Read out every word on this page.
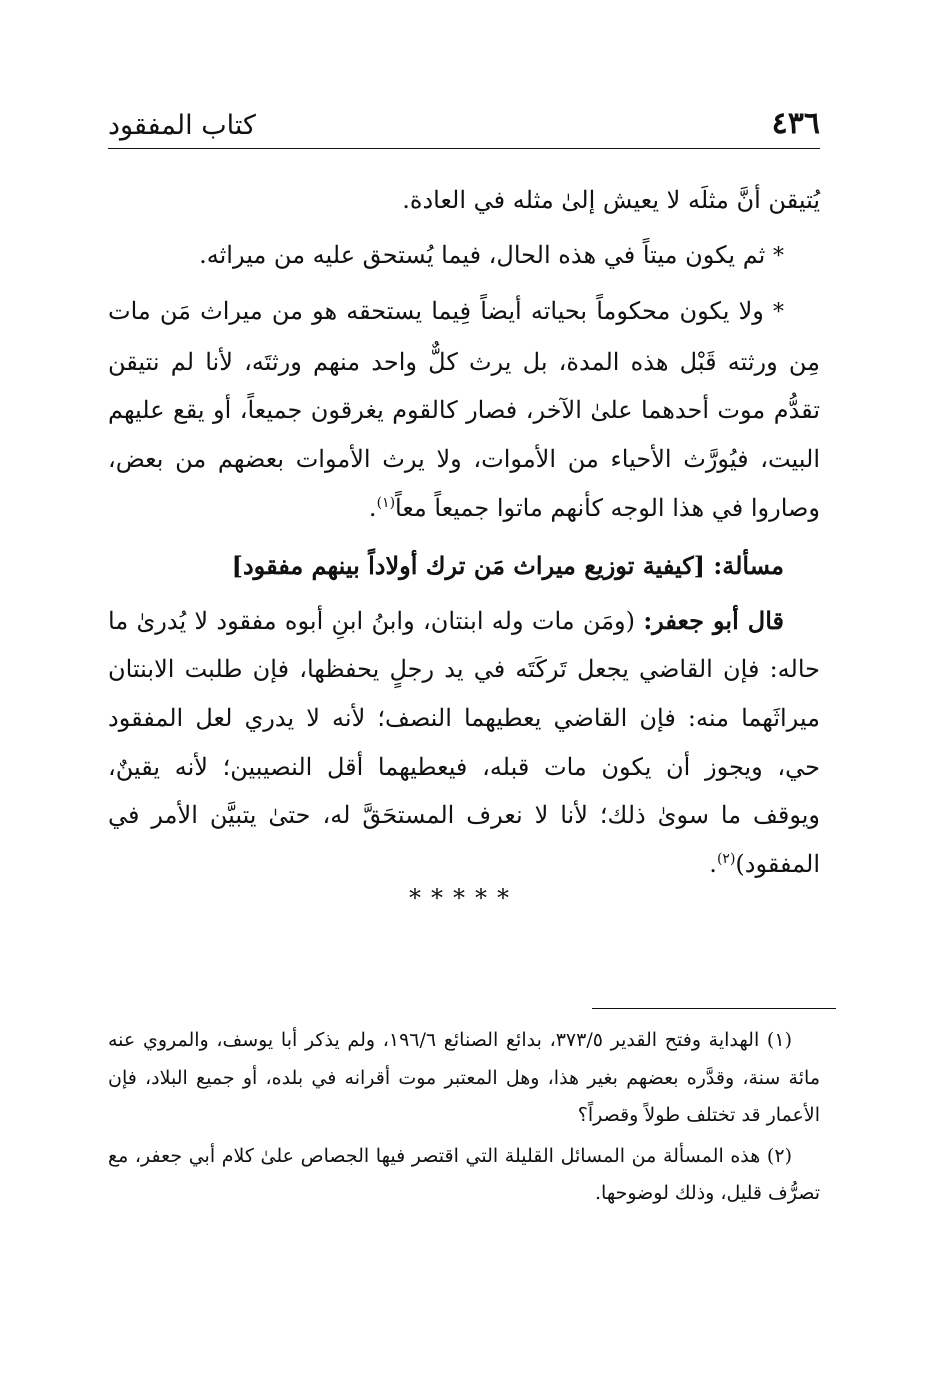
٤٣٦
كتاب المفقود

يُتيقن أنَّ مثلَه لا يعيش إلىٰ مثله في العادة.

* ثم يكون ميتاً في هذه الحال، فيما يُستحق عليه من ميراثه.

* ولا يكون محكوماً بحياته أيضاً فِيما يستحقه هو من ميراث مَن مات مِن ورثته قَبْل هذه المدة، بل يرث كلٌّ واحد منهم ورثتَه، لأنا لم نتيقن تقدُّم موت أحدهما علىٰ الآخر، فصار كالقوم يغرقون جميعاً، أو يقع عليهم البيت، فيُورَّث الأحياء من الأموات، ولا يرث الأموات بعضهم من بعض، وصاروا في هذا الوجه كأنهم ماتوا جميعاً معاً$^{(١)}$.

مسألة: [كيفية توزيع ميراث مَن ترك أولاداً بينهم مفقود]

قال أبو جعفر: (ومَن مات وله ابنتان، وابنُ ابنِ أبوه مفقود لا يُدرىٰ ما حاله: فإن القاضي يجعل تَركَتَه في يد رجلٍ يحفظها، فإن طلبت الابنتان ميراثَهما منه: فإن القاضي يعطيهما النصف؛ لأنه لا يدري لعل المفقود حي، ويجوز أن يكون مات قبله، فيعطيهما أقل النصيبين؛ لأنه يقينٌ، ويوقف ما سوىٰ ذلك؛ لأنا لا نعرف المستحَقَّ له، حتىٰ يتبيَّن الأمر في المفقود)$^{(٢)}$.

*****

(١) الهداية وفتح القدير ٣٧٣/٥، بدائع الصنائع ١٩٦/٦، ولم يذكر أبا يوسف، والمروي عنه مائة سنة، وقدَّره بعضهم بغير هذا، وهل المعتبر موت أقرانه في بلده، أو جميع البلاد، فإن الأعمار قد تختلف طولاً وقصراً؟

(٢) هذه المسألة من المسائل القليلة التي اقتصر فيها الجصاص علىٰ كلام أبي جعفر، مع تصرُّف قليل، وذلك لوضوحها.
